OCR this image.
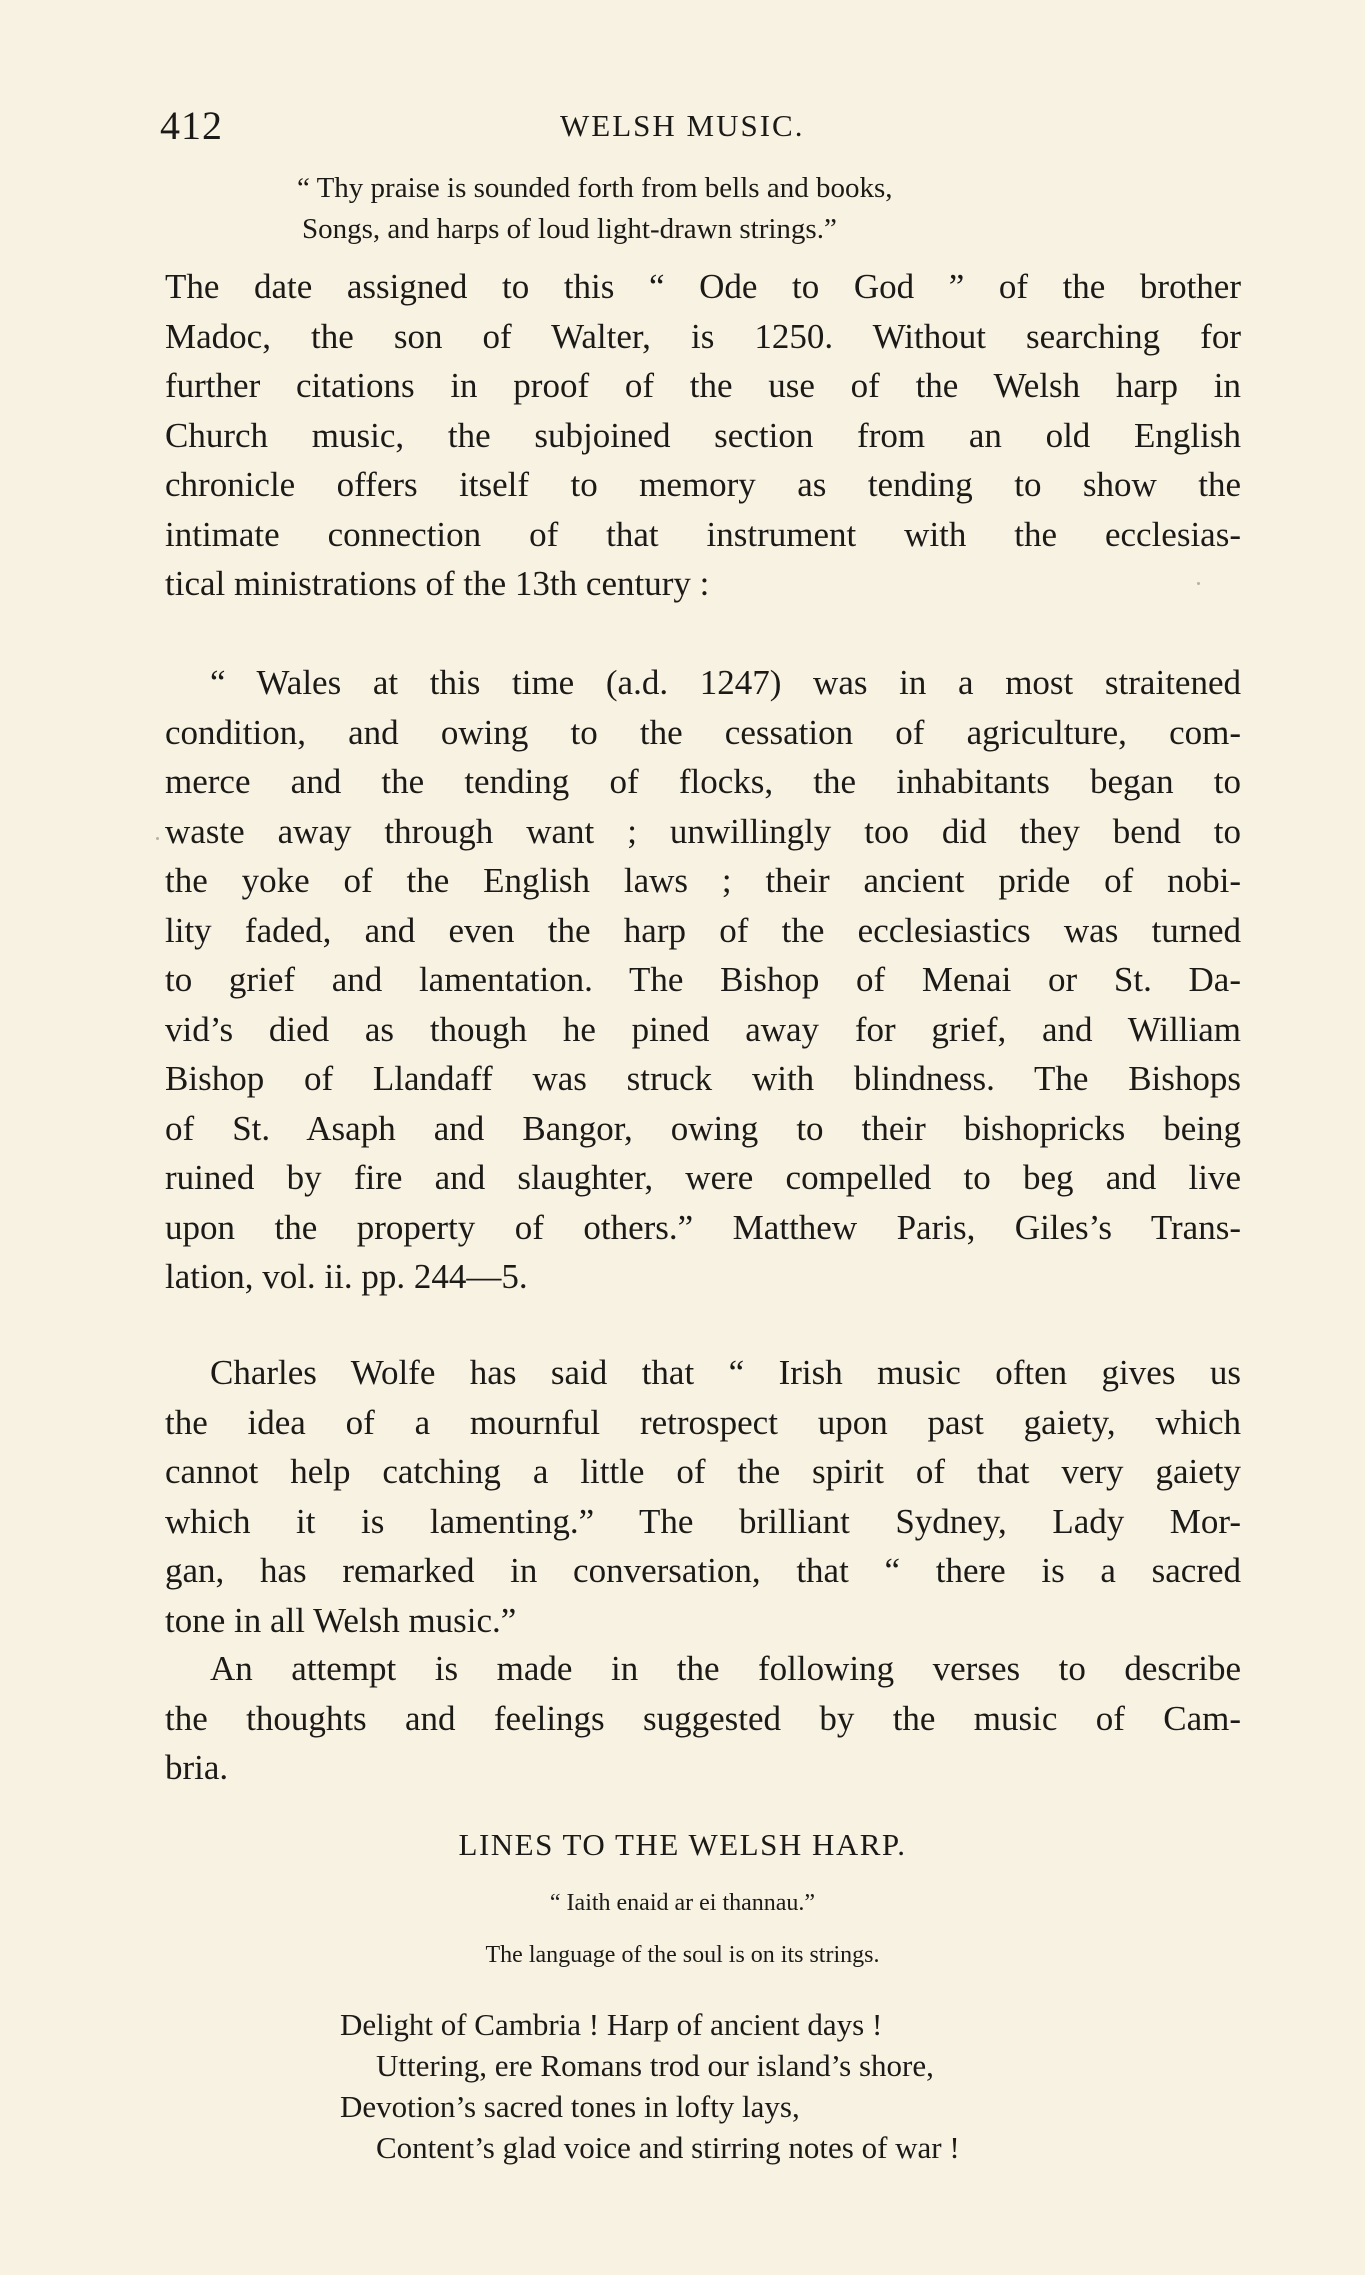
412	WELSH MUSIC.
“ Thy praise is sounded forth from bells and books,
Songs, and harps of loud light-drawn strings.”
The date assigned to this “ Ode to God ” of the brother
Madoc, the son of Walter, is 1250. Without searching for
further citations in proof of the use of the Welsh harp in
Church music, the subjoined section from an old English
chronicle offers itself to memory as tending to show the
intimate connection of that instrument with the ecclesias-
tical ministrations of the 13th century :
“ Wales at this time (a.d. 1247) was in a most straitened
condition, and owing to the cessation of agriculture, com-
merce and the tending of flocks, the inhabitants began to
waste away through want ; unwillingly too did they bend to
the yoke of the English laws ; their ancient pride of nobi-
lity faded, and even the harp of the ecclesiastics was turned
to grief and lamentation. The Bishop of Menai or St. Da-
vid’s died as though he pined away for grief, and William
Bishop of Llandaff was struck with blindness. The Bishops
of St. Asaph and Bangor, owing to their bishopricks being
ruined by fire and slaughter, were compelled to beg and live
upon the property of others.” Matthew Paris, Giles’s Trans-
lation, vol. ii. pp. 244—5.
Charles Wolfe has said that “ Irish music often gives us
the idea of a mournful retrospect upon past gaiety, which
cannot help catching a little of the spirit of that very gaiety
which it is lamenting.” The brilliant Sydney, Lady Mor-
gan, has remarked in conversation, that “ there is a sacred
tone in all Welsh music.”
An attempt is made in the following verses to describe
the thoughts and feelings suggested by the music of Cam-
bria.
LINES TO THE WELSH HARP.
“ Iaith enaid ar ei thannau.”
The language of the soul is on its strings.
Delight of Cambria ! Harp of ancient days !
Uttering, ere Romans trod our island’s shore,
Devotion’s sacred tones in lofty lays,
Content’s glad voice and stirring notes of war !
